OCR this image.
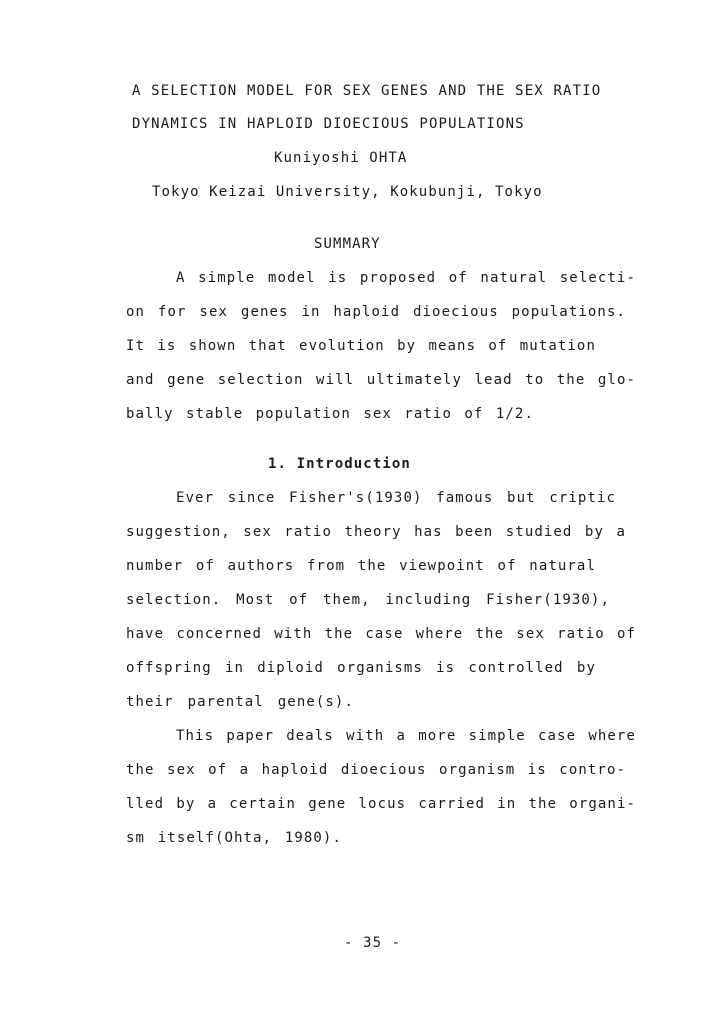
A SELECTION MODEL FOR SEX GENES AND THE SEX RATIO
DYNAMICS IN HAPLOID DIOECIOUS POPULATIONS
Kuniyoshi OHTA
Tokyo Keizai University, Kokubunji, Tokyo
SUMMARY
A simple model is proposed of natural selecti-
on for sex genes in haploid dioecious populations.
It is shown that evolution by means of mutation
and gene selection will ultimately lead to the glo-
bally stable population sex ratio of 1/2.
1. Introduction
Ever since Fisher's(1930) famous but criptic
suggestion, sex ratio theory has been studied by a
number of authors from the viewpoint of natural
selection. Most of them, including Fisher(1930),
have concerned with the case where the sex ratio of
offspring in diploid organisms is controlled by
their parental gene(s).
This paper deals with a more simple case where
the sex of a haploid dioecious organism is contro-
lled by a certain gene locus carried in the organi-
sm itself(Ohta, 1980).
- 35 -
